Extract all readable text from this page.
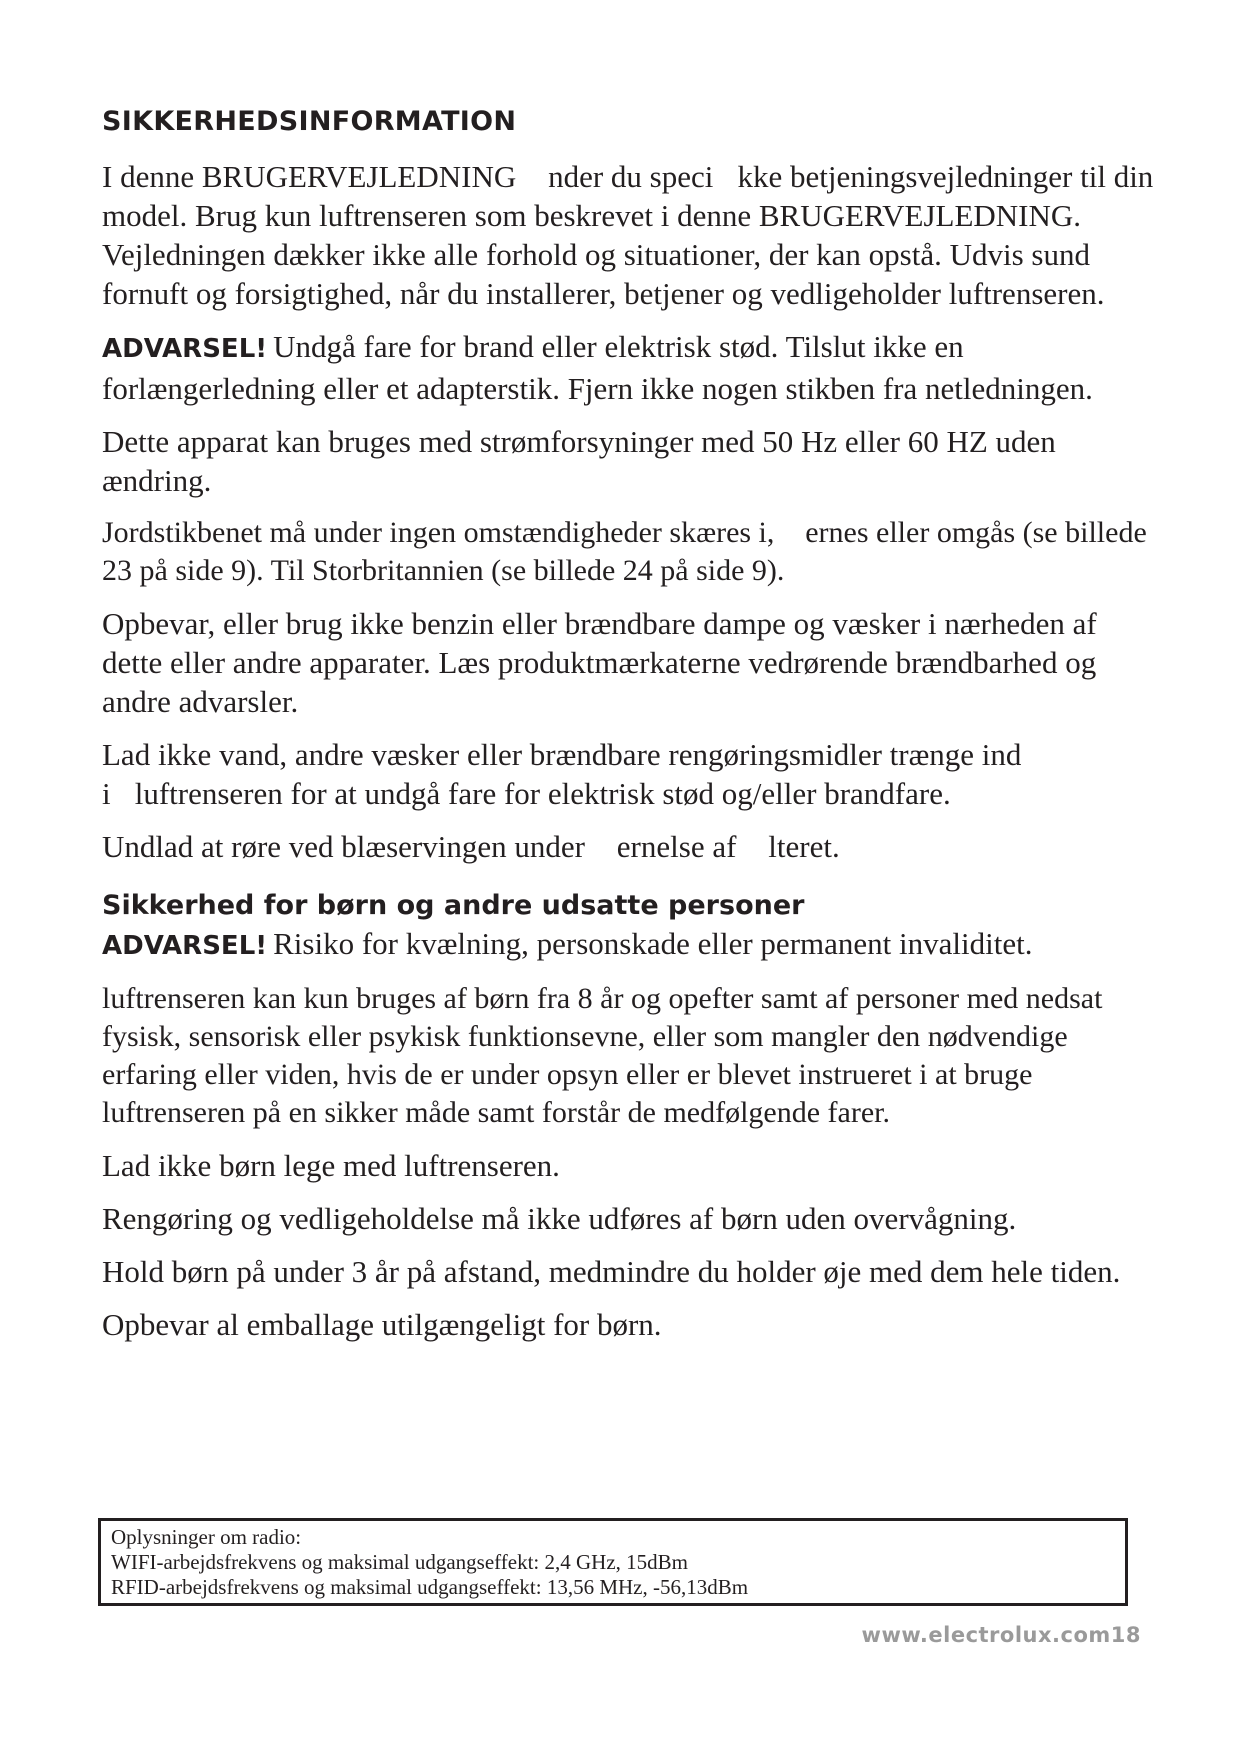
SIKKERHEDSINFORMATION

I denne BRUGERVEJLEDNING  nder du speci kke betjeningsvejledninger til din model. Brug kun luftrenseren som beskrevet i denne BRUGERVEJLEDNING. Vejledningen dækker ikke alle forhold og situationer, der kan opstå. Udvis sund fornuft og forsigtighed, når du installerer, betjener og vedligeholder luftrenseren.

ADVARSEL! Undgå fare for brand eller elektrisk stød. Tilslut ikke en forlængerledning eller et adapterstik. Fjern ikke nogen stikben fra netledningen.

Dette apparat kan bruges med strømforsyninger med 50 Hz eller 60 HZ uden ændring.

Jordstikbenet må under ingen omstændigheder skæres i,  ernes eller omgås (se billede 23 på side 9). Til Storbritannien (se billede 24 på side 9).

Opbevar, eller brug ikke benzin eller brændbare dampe og væsker i nærheden af dette eller andre apparater. Læs produktmærkaterne vedrørende brændbarhed og andre advarsler.

Lad ikke vand, andre væsker eller brændbare rengøringsmidler trænge ind i luftrenseren for at undgå fare for elektrisk stød og/eller brandfare.

Undlad at røre ved blæservingen under  ernelse af  lteret.

Sikkerhed for børn og andre udsatte personer

ADVARSEL! Risiko for kvælning, personskade eller permanent invaliditet.

luftrenseren kan kun bruges af børn fra 8 år og opefter samt af personer med nedsat fysisk, sensorisk eller psykisk funktionsevne, eller som mangler den nødvendige erfaring eller viden, hvis de er under opsyn eller er blevet instrueret i at bruge luftrenseren på en sikker måde samt forstår de medfølgende farer.

Lad ikke børn lege med luftrenseren.

Rengøring og vedligeholdelse må ikke udføres af børn uden overvågning.

Hold børn på under 3 år på afstand, medmindre du holder øje med dem hele tiden.

Opbevar al emballage utilgængeligt for børn.

Oplysninger om radio:
WIFI-arbejdsfrekvens og maksimal udgangseffekt: 2,4 GHz, 15dBm
RFID-arbejdsfrekvens og maksimal udgangseffekt: 13,56 MHz, -56,13dBm
www.electrolux.com18
